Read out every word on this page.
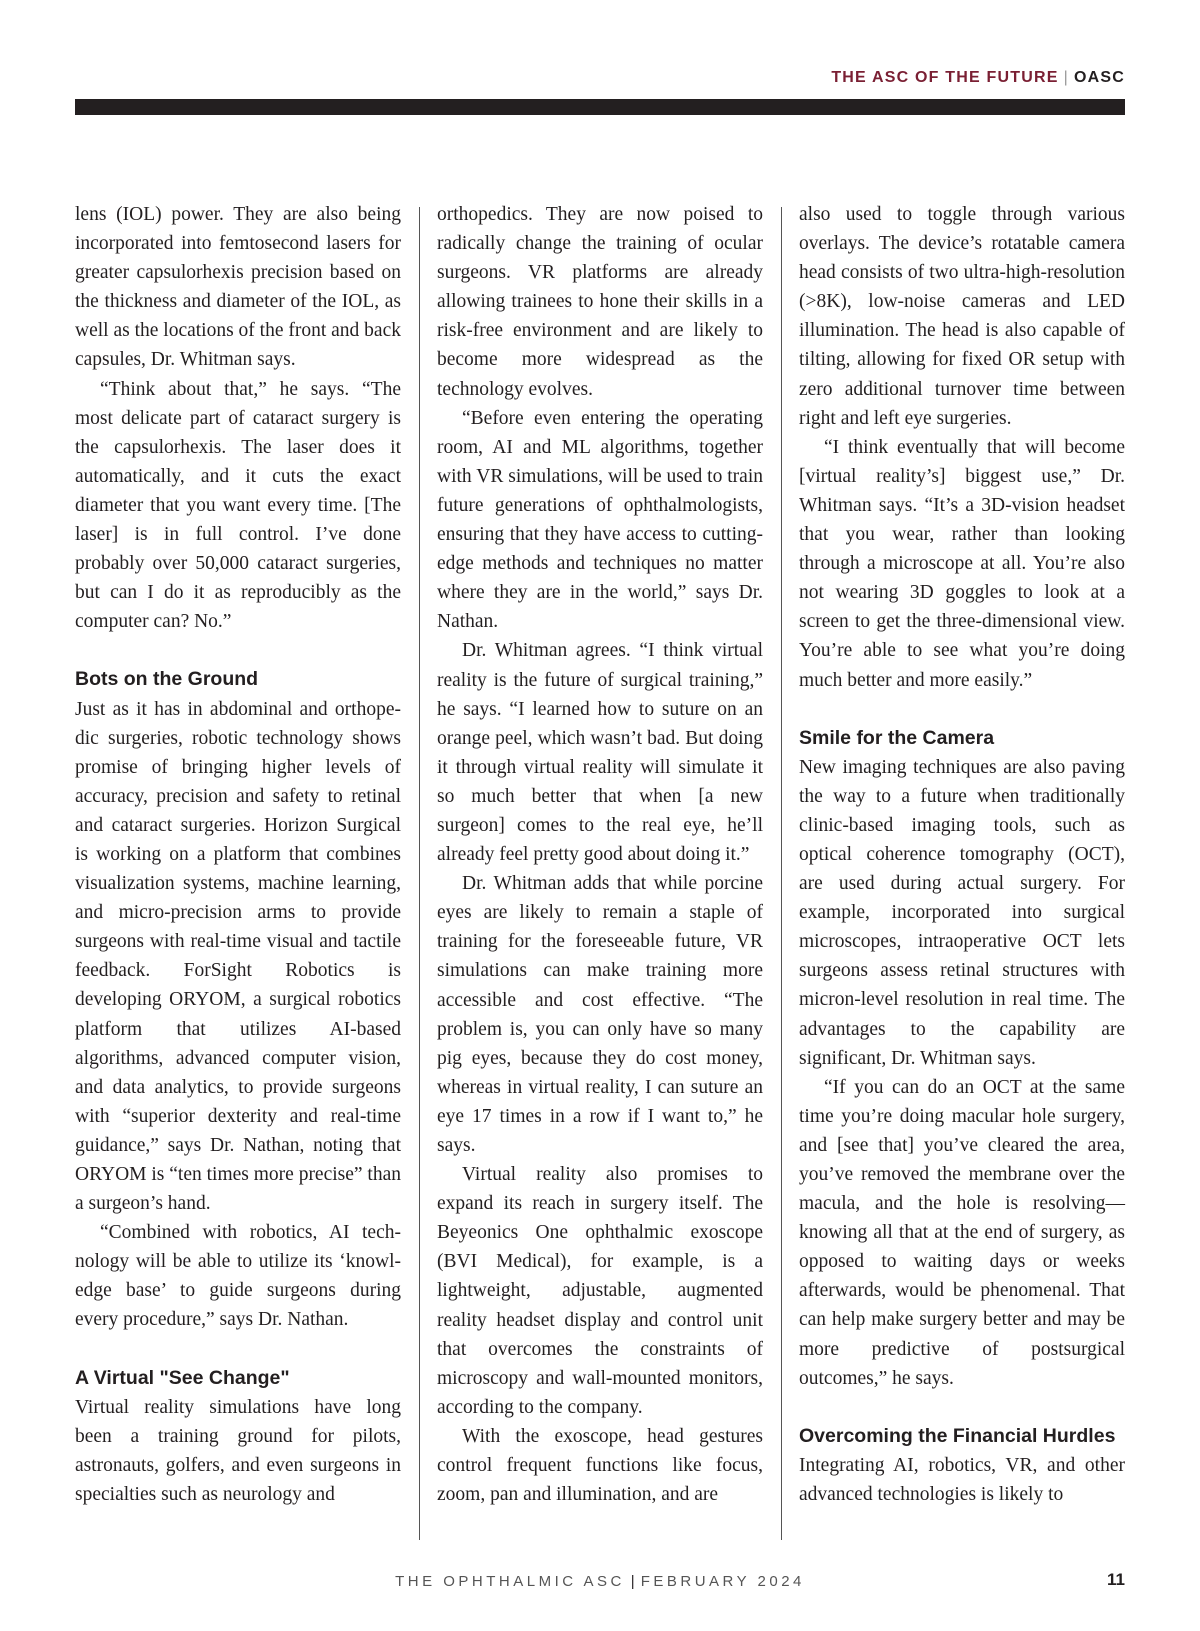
THE ASC OF THE FUTURE | OASC

lens (IOL) power. They are also being incorporated into femtosecond lasers for greater capsulorhexis precision based on the thickness and diameter of the IOL, as well as the locations of the front and back capsules, Dr. Whitman says.

“Think about that,” he says. “The most delicate part of cataract surgery is the capsulorhexis. The laser does it automatically, and it cuts the exact diameter that you want every time. [The laser] is in full control. I’ve done probably over 50,000 cataract surgeries, but can I do it as reproducibly as the computer can? No.”

Bots on the Ground

Just as it has in abdominal and orthopedic surgeries, robotic technology shows promise of bringing higher levels of accuracy, precision and safety to retinal and cataract surgeries. Horizon Surgical is working on a platform that combines visualization systems, machine learning, and micro-precision arms to provide surgeons with real-time visual and tactile feedback. ForSight Robotics is developing ORYOM, a surgical robotics platform that utilizes AI-based algorithms, advanced computer vision, and data analytics, to provide surgeons with “superior dexterity and real-time guidance,” says Dr. Nathan, noting that ORYOM is “ten times more precise” than a surgeon’s hand.

“Combined with robotics, AI technology will be able to utilize its ‘knowledge base’ to guide surgeons during every procedure,” says Dr. Nathan.

A Virtual "See Change"

Virtual reality simulations have long been a training ground for pilots, astronauts, golfers, and even surgeons in specialties such as neurology and

orthopedics. They are now poised to radically change the training of ocular surgeons. VR platforms are already allowing trainees to hone their skills in a risk-free environment and are likely to become more widespread as the technology evolves.

“Before even entering the operating room, AI and ML algorithms, together with VR simulations, will be used to train future generations of ophthalmologists, ensuring that they have access to cutting-edge methods and techniques no matter where they are in the world,” says Dr. Nathan.

Dr. Whitman agrees. “I think virtual reality is the future of surgical training,” he says. “I learned how to suture on an orange peel, which wasn’t bad. But doing it through virtual reality will simulate it so much better that when [a new surgeon] comes to the real eye, he’ll already feel pretty good about doing it.”

Dr. Whitman adds that while porcine eyes are likely to remain a staple of training for the foreseeable future, VR simulations can make training more accessible and cost effective. “The problem is, you can only have so many pig eyes, because they do cost money, whereas in virtual reality, I can suture an eye 17 times in a row if I want to,” he says.

Virtual reality also promises to expand its reach in surgery itself. The Beyeonics One ophthalmic exoscope (BVI Medical), for example, is a lightweight, adjustable, augmented reality headset display and control unit that overcomes the constraints of microscopy and wall-mounted monitors, according to the company.

With the exoscope, head gestures control frequent functions like focus, zoom, pan and illumination, and are

also used to toggle through various overlays. The device’s rotatable camera head consists of two ultra-high-resolution (>8K), low-noise cameras and LED illumination. The head is also capable of tilting, allowing for fixed OR setup with zero additional turnover time between right and left eye surgeries.

“I think eventually that will become [virtual reality’s] biggest use,” Dr. Whitman says. “It’s a 3D-vision headset that you wear, rather than looking through a microscope at all. You’re also not wearing 3D goggles to look at a screen to get the three-dimensional view. You’re able to see what you’re doing much better and more easily.”

Smile for the Camera

New imaging techniques are also paving the way to a future when traditionally clinic-based imaging tools, such as optical coherence tomography (OCT), are used during actual surgery. For example, incorporated into surgical microscopes, intraoperative OCT lets surgeons assess retinal structures with micron-level resolution in real time. The advantages to the capability are significant, Dr. Whitman says.

“If you can do an OCT at the same time you’re doing macular hole surgery, and [see that] you’ve cleared the area, you’ve removed the membrane over the macula, and the hole is resolving—knowing all that at the end of surgery, as opposed to waiting days or weeks afterwards, would be phenomenal. That can help make surgery better and may be more predictive of postsurgical outcomes,” he says.

Overcoming the Financial Hurdles

Integrating AI, robotics, VR, and other advanced technologies is likely to

THE OPHTHALMIC ASC | FEBRUARY 2024	11
